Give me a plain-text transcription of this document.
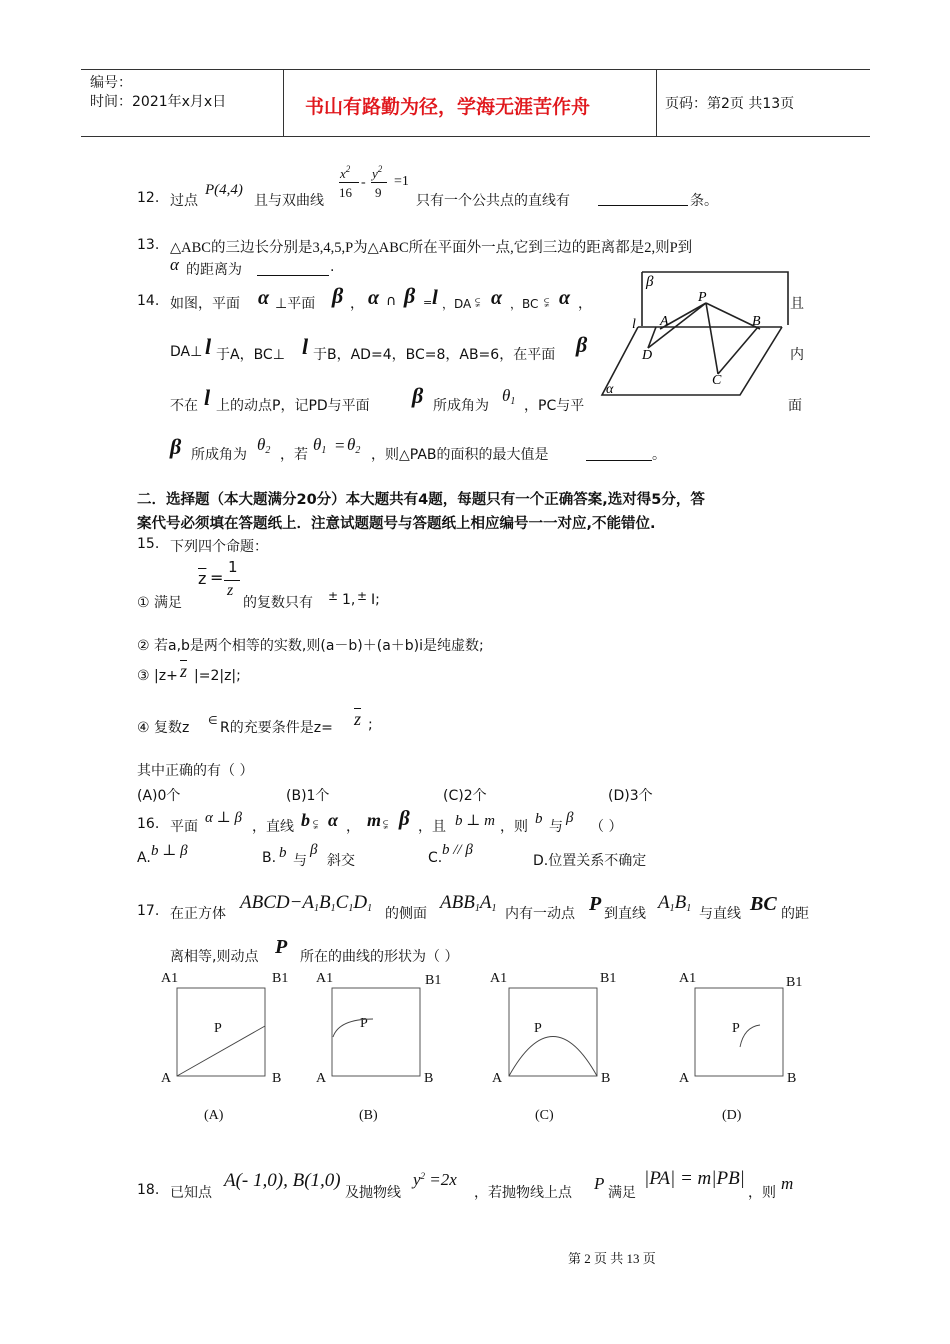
编号：
时间：2021年x月x日	书山有路勤为径，学海无涯苦作舟	页码：第2页 共13页
12. 过点
P(4,4)
且与双曲线
$x^2$
16
-
$y^2$
9
=1
只有一个公共点的直线有	条。
13. △ABC的三边长分别是3,4,5,P为△ABC所在平面外一点,它到三边的距离都是2,则P到
α 的距离为	.
14. 如图，平面 α ⊥平面 β ， α ∩ β = l ，DA ⫋ α ，BC ⫋ α ，	且
DA⊥ l 于A，BC⊥ l 于B，AD=4，BC=8，AB=6，在平面 β	内
不在 l 上的动点P，记PD与平面 β 所成角为
$\theta_1$ ，PC与平	面
β 所成角为
$\theta_2$ ，若
$\theta_1 = \theta_2$ ，则△PAB的面积的最大值是	。
β
P
l A	B
D
C
α
二．选择题（本大题满分20分）本大题共有4题，每题只有一个正确答案,选对得5分，答
案代号必须填在答题纸上．注意试题题号与答题纸上相应编号一一对应,不能错位.
15. 下列四个命题：
$\overline{z}$ =
1
z
① 满足	的复数只有 ± 1, ± I;
② 若a,b是两个相等的实数,则(a－b)＋(a＋b)i是纯虚数;
③ $|z+ \overline{z}$ |=2|z|;
④ 复数z ∈ R的充要条件是$z= \overline{z}$ ;
其中正确的有（ ）
(A)0个	(B)1个	(C)2个	(D)3个
16. 平面
α ⊥ β
，直线 b ⫋ α ， m ⫋ β ，且 b ⊥ m ，则 b 与
β
（ ）
A. b ⊥ β	B. b 与
β
斜交	C. b // β
D.位置关系不确定
17. 在正方体
$ABCD-A_1B_1C_1D_1$ 的侧面
$ABB_1A_1$ 内有一动点 P 到直线
$A_1B_1$ 与直线 BC 的距
离相等,则动点 P 所在的曲线的形状为（ ）
A1	B1
A	B
P
(A)
A1	B1
A	B
P
(B)
A1	B1
A	B
P
(C)
A1	B1
A	B
P
(D)
18. 已知点
A(- 1,0), B(1,0)
及抛物线
$y^2 =2x$
，若抛物线上点 P 满足
|PA| = m|PB|
，则 m
第 2 页 共 13 页
